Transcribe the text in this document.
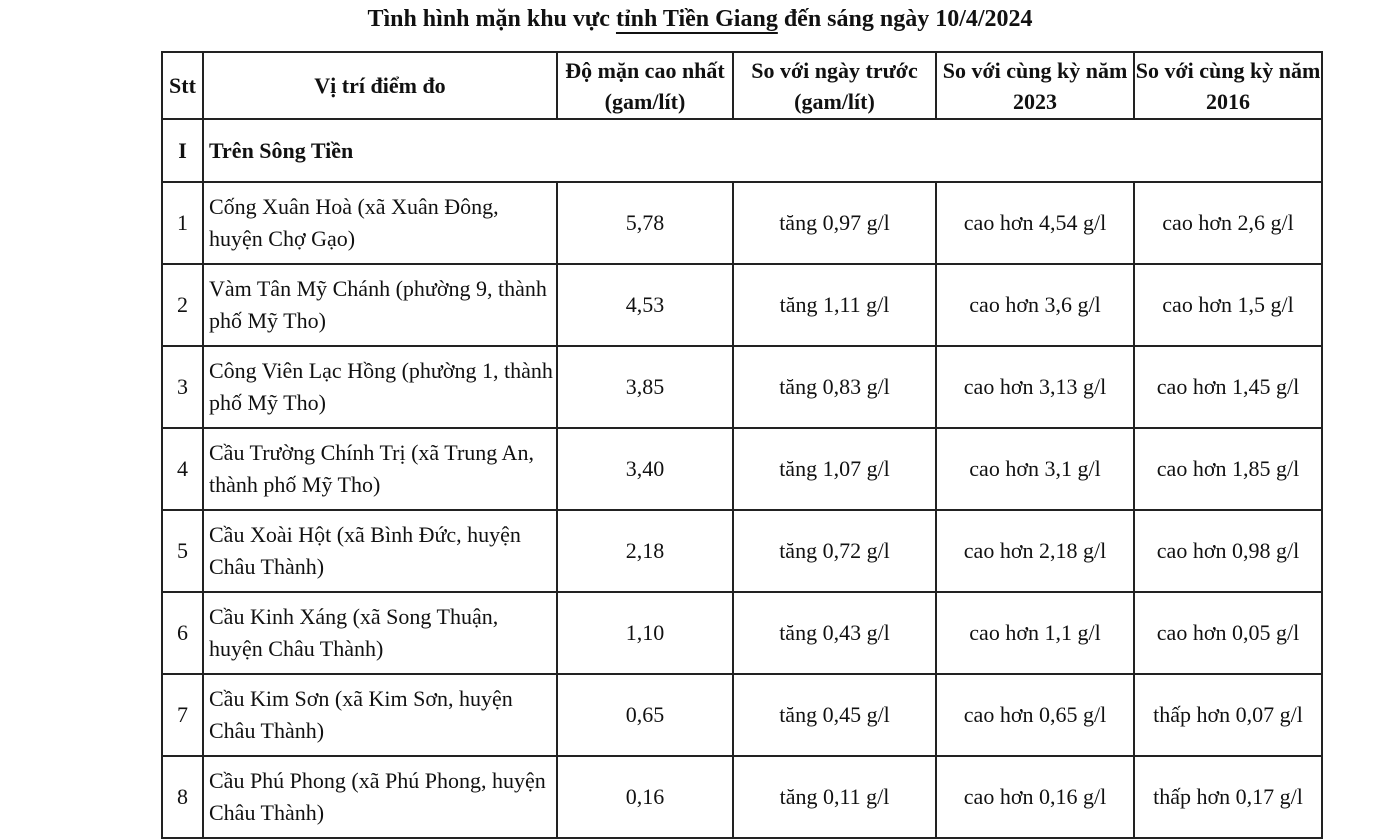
Tình hình mặn khu vực tỉnh Tiền Giang đến sáng ngày 10/4/2024
Stt	Vị trí điểm đo	Độ mặn cao nhất (gam/lít)	So với ngày trước (gam/lít)	So với cùng kỳ năm 2023	So với cùng kỳ năm 2016
I	Trên Sông Tiền				
1	Cống Xuân Hoà (xã Xuân Đông, huyện Chợ Gạo)	5,78	tăng 0,97 g/l	cao hơn 4,54 g/l	cao hơn 2,6 g/l
2	Vàm Tân Mỹ Chánh (phường 9, thành phố Mỹ Tho)	4,53	tăng 1,11 g/l	cao hơn 3,6 g/l	cao hơn 1,5 g/l
3	Công Viên Lạc Hồng (phường 1, thành phố Mỹ Tho)	3,85	tăng 0,83 g/l	cao hơn 3,13 g/l	cao hơn 1,45 g/l
4	Cầu Trường Chính Trị (xã Trung An, thành phố Mỹ Tho)	3,40	tăng 1,07 g/l	cao hơn 3,1 g/l	cao hơn 1,85 g/l
5	Cầu Xoài Hột (xã Bình Đức, huyện Châu Thành)	2,18	tăng 0,72 g/l	cao hơn 2,18 g/l	cao hơn 0,98 g/l
6	Cầu Kinh Xáng (xã Song Thuận, huyện Châu Thành)	1,10	tăng 0,43 g/l	cao hơn 1,1 g/l	cao hơn 0,05 g/l
7	Cầu Kim Sơn (xã Kim Sơn, huyện Châu Thành)	0,65	tăng 0,45 g/l	cao hơn 0,65 g/l	thấp hơn 0,07 g/l
8	Cầu Phú Phong (xã Phú Phong, huyện Châu Thành)	0,16	tăng 0,11 g/l	cao hơn 0,16 g/l	thấp hơn 0,17 g/l
